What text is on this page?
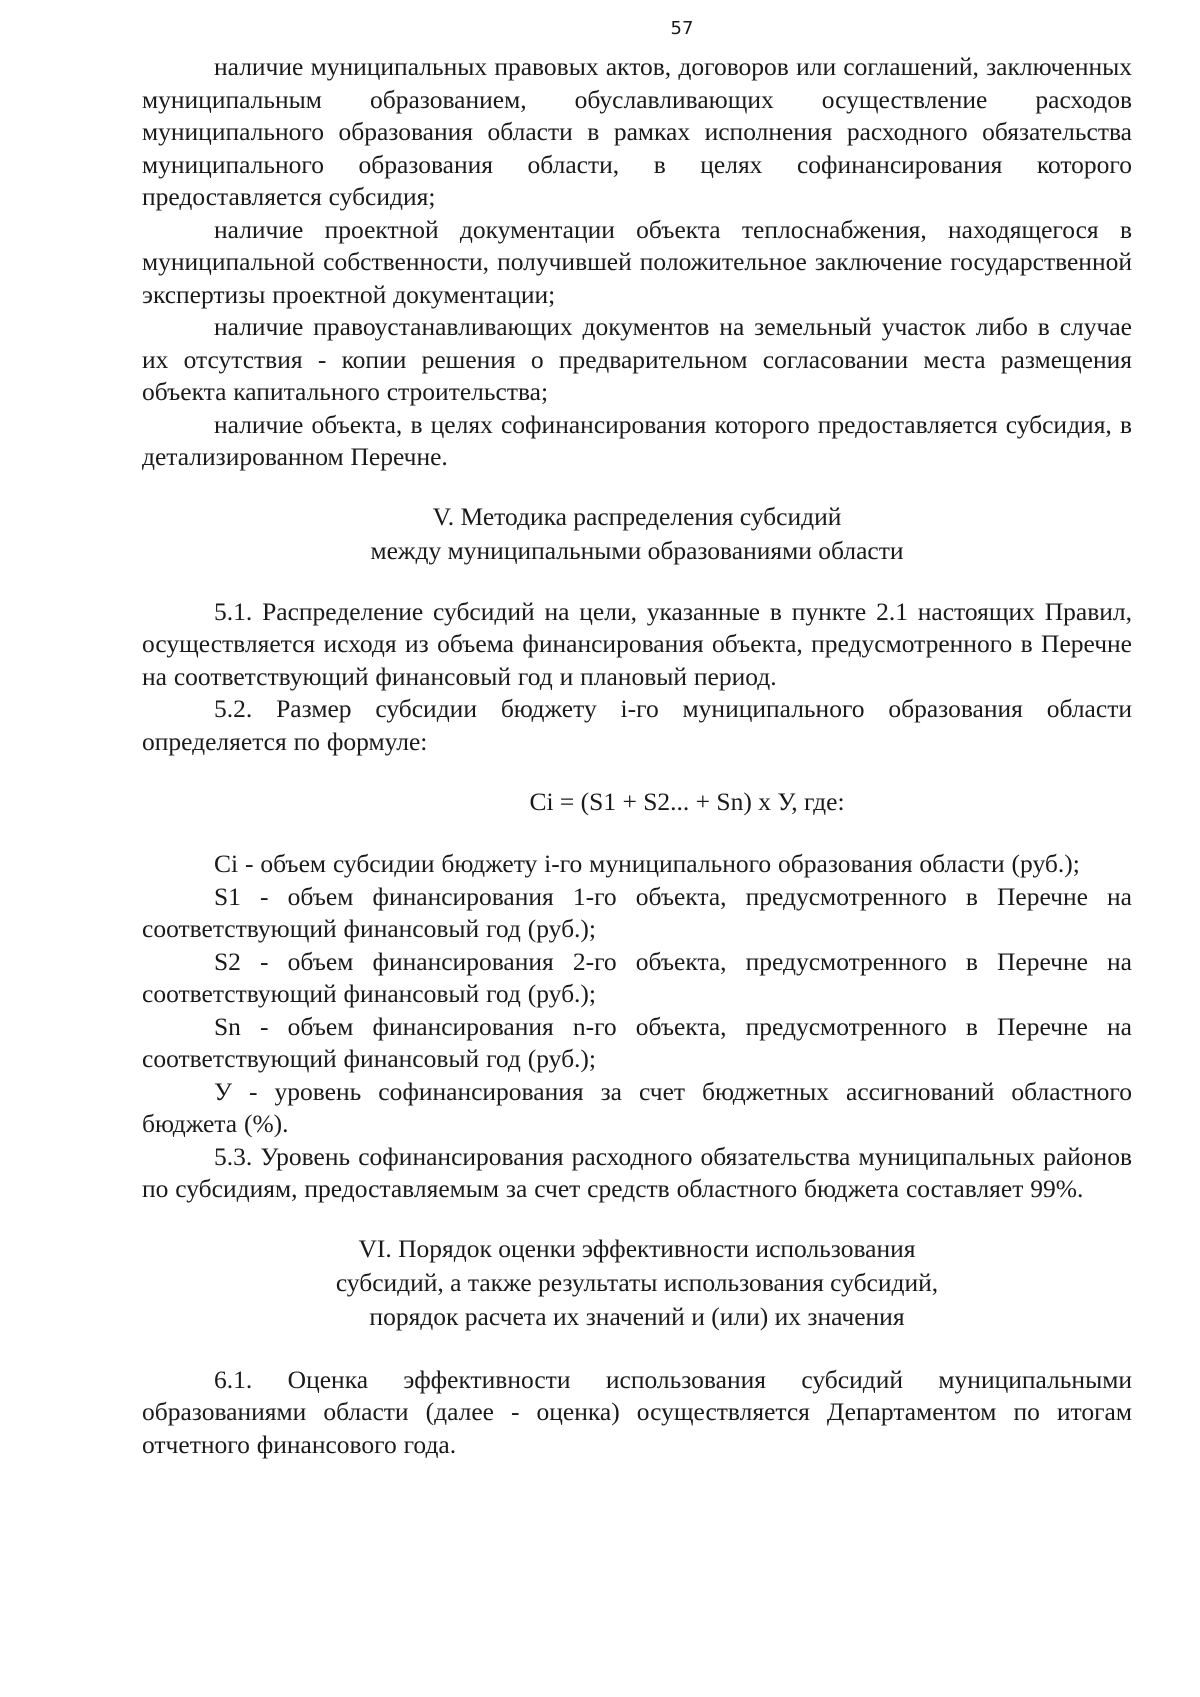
57

наличие муниципальных правовых актов, договоров или соглашений, заключенных муниципальным образованием, обуславливающих осуществление расходов муниципального образования области в рамках исполнения расходного обязательства муниципального образования области, в целях софинансирования которого предоставляется субсидия;

наличие проектной документации объекта теплоснабжения, находящегося в муниципальной собственности, получившей положительное заключение государственной экспертизы проектной документации;

наличие правоустанавливающих документов на земельный участок либо в случае их отсутствия - копии решения о предварительном согласовании места размещения объекта капитального строительства;

наличие объекта, в целях софинансирования которого предоставляется субсидия, в детализированном Перечне.

V. Методика распределения субсидий
между муниципальными образованиями области

5.1. Распределение субсидий на цели, указанные в пункте 2.1 настоящих Правил, осуществляется исходя из объема финансирования объекта, предусмотренного в Перечне на соответствующий финансовый год и плановый период.

5.2. Размер субсидии бюджету i-го муниципального образования области определяется по формуле:

Ci = (S1 + S2... + Sn) х У, где:

Ci - объем субсидии бюджету i-го муниципального образования области (руб.);

S1 - объем финансирования 1-го объекта, предусмотренного в Перечне на соответствующий финансовый год (руб.);

S2 - объем финансирования 2-го объекта, предусмотренного в Перечне на соответствующий финансовый год (руб.);

Sn - объем финансирования n-го объекта, предусмотренного в Перечне на соответствующий финансовый год (руб.);

У - уровень софинансирования за счет бюджетных ассигнований областного бюджета (%).

5.3. Уровень софинансирования расходного обязательства муниципальных районов по субсидиям, предоставляемым за счет средств областного бюджета составляет 99%.

VI. Порядок оценки эффективности использования
субсидий, а также результаты использования субсидий,
порядок расчета их значений и (или) их значения

6.1. Оценка эффективности использования субсидий муниципальными образованиями области (далее - оценка) осуществляется Департаментом по итогам отчетного финансового года.
